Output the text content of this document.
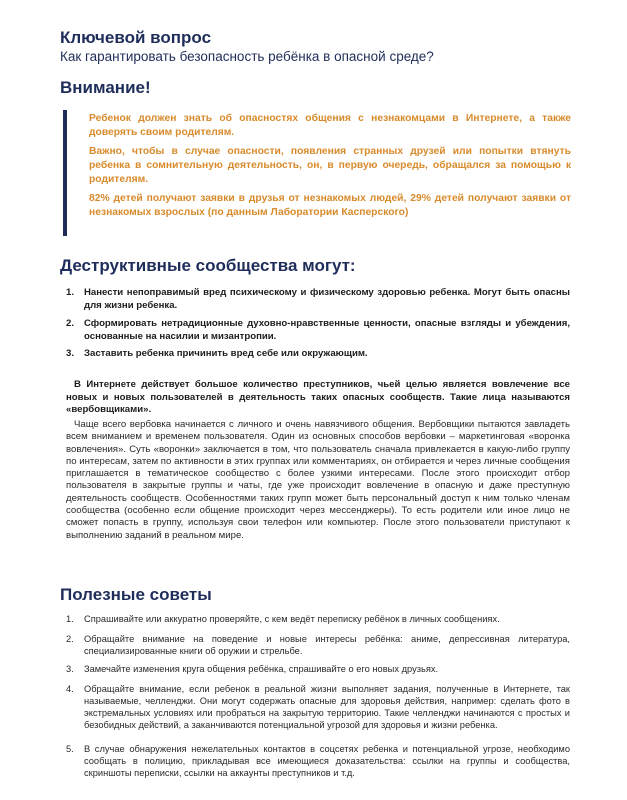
Ключевой вопрос
Как гарантировать безопасность ребёнка в опасной среде?
Внимание!
Ребенок должен знать об опасностях общения с незнакомцами в Интернете, а также доверять своим родителям.
Важно, чтобы в случае опасности, появления странных друзей или попытки втянуть ребенка в сомнительную деятельность, он, в первую очередь, обращался за помощью к родителям.
82% детей получают заявки в друзья от незнакомых людей, 29% детей получают заявки от незнакомых взрослых (по данным Лаборатории Касперского)
Деструктивные сообщества могут:
1. Нанести непоправимый вред психическому и физическому здоровью ребенка. Могут быть опасны для жизни ребенка.
2. Сформировать нетрадиционные духовно-нравственные ценности, опасные взгляды и убеждения, основанные на насилии и мизантропии.
3. Заставить ребенка причинить вред себе или окружающим.
В Интернете действует большое количество преступников, чьей целью является вовлечение все новых и новых пользователей в деятельность таких опасных сообществ. Такие лица называются «вербовщиками».
Чаще всего вербовка начинается с личного и очень навязчивого общения. Вербовщики пытаются завладеть всем вниманием и временем пользователя. Один из основных способов вербовки – маркетинговая «воронка вовлечения». Суть «воронки» заключается в том, что пользователь сначала привлекается в какую-либо группу по интересам, затем по активности в этих группах или комментариях, он отбирается и через личные сообщения приглашается в тематическое сообщество с более узкими интересами. После этого происходит отбор пользователя в закрытые группы и чаты, где уже происходит вовлечение в опасную и даже преступную деятельность сообществ. Особенностями таких групп может быть персональный доступ к ним только членам сообщества (особенно если общение происходит через мессенджеры). То есть родители или иное лицо не сможет попасть в группу, используя свои телефон или компьютер. После этого пользователи приступают к выполнению заданий в реальном мире.
Полезные советы
1. Спрашивайте или аккуратно проверяйте, с кем ведёт переписку ребёнок в личных сообщениях.
2. Обращайте внимание на поведение и новые интересы ребёнка: аниме, депрессивная литература, специализированные книги об оружии и стрельбе.
3. Замечайте изменения круга общения ребёнка, спрашивайте о его новых друзьях.
4. Обращайте внимание, если ребенок в реальной жизни выполняет задания, полученные в Интернете, так называемые, челленджи. Они могут содержать опасные для здоровья действия, например: сделать фото в экстремальных условиях или пробраться на закрытую территорию. Такие челленджи начинаются с простых и безобидных действий, а заканчиваются потенциальной угрозой для здоровья и жизни ребенка.
5. В случае обнаружения нежелательных контактов в соцсетях ребенка и потенциальной угрозе, необходимо сообщать в полицию, прикладывая все имеющиеся доказательства: ссылки на группы и сообщества, скриншоты переписки, ссылки на аккаунты преступников и т.д.
